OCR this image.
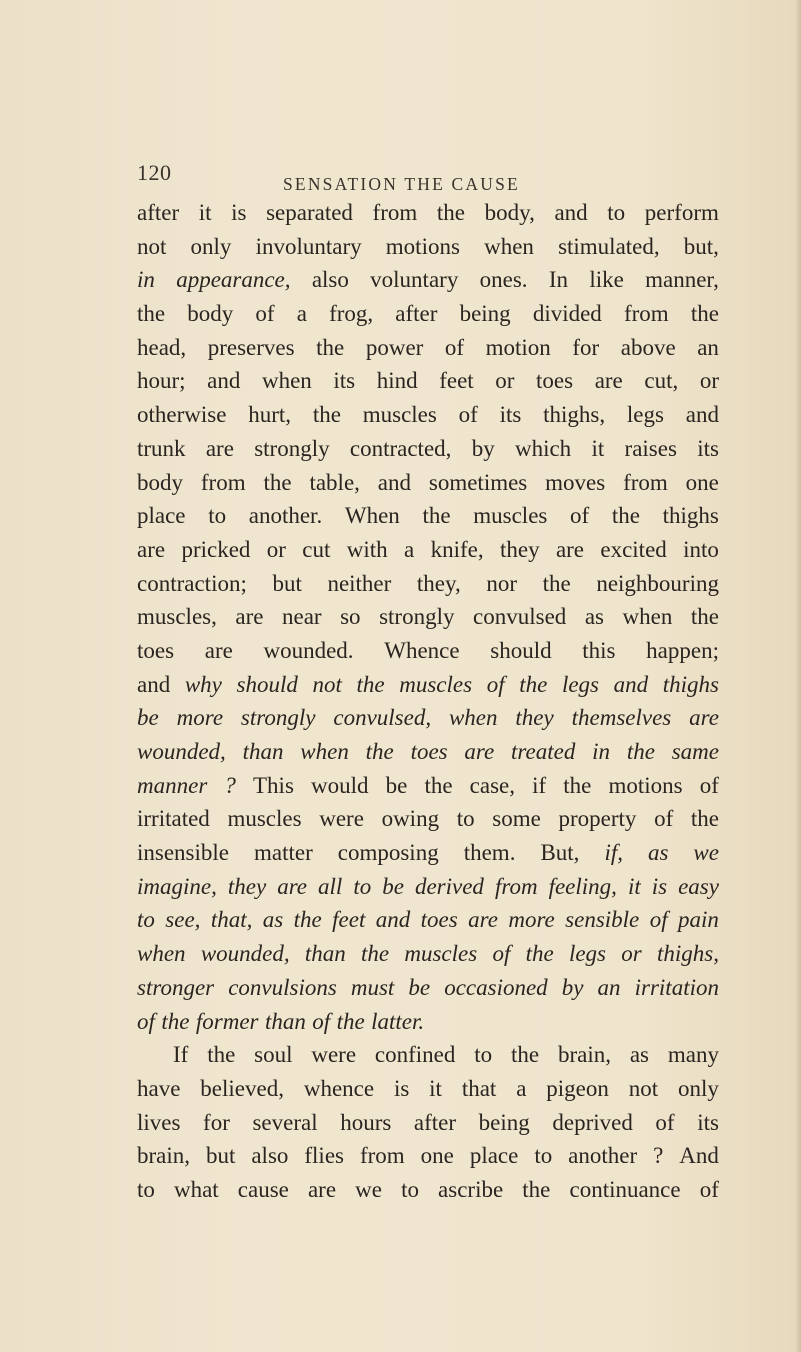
120	SENSATION THE CAUSE
after it is separated from the body, and to perform
not only involuntary motions when stimulated, but,
in appearance, also voluntary ones. In like manner,
the body of a frog, after being divided from the
head, preserves the power of motion for above an
hour; and when its hind feet or toes are cut, or
otherwise hurt, the muscles of its thighs, legs and
trunk are strongly contracted, by which it raises its
body from the table, and sometimes moves from one
place to another. When the muscles of the thighs
are pricked or cut with a knife, they are excited into
contraction; but neither they, nor the neighbouring
muscles, are near so strongly convulsed as when the
toes are wounded. Whence should this happen;
and why should not the muscles of the legs and thighs
be more strongly convulsed, when they themselves are
wounded, than when the toes are treated in the same
manner ? This would be the case, if the motions of
irritated muscles were owing to some property of the
insensible matter composing them. But, if, as we
imagine, they are all to be derived from feeling, it is easy
to see, that, as the feet and toes are more sensible of pain
when wounded, than the muscles of the legs or thighs,
stronger convulsions must be occasioned by an irritation
of the former than of the latter.
If the soul were confined to the brain, as many
have believed, whence is it that a pigeon not only
lives for several hours after being deprived of its
brain, but also flies from one place to another ? And
to what cause are we to ascribe the continuance of
